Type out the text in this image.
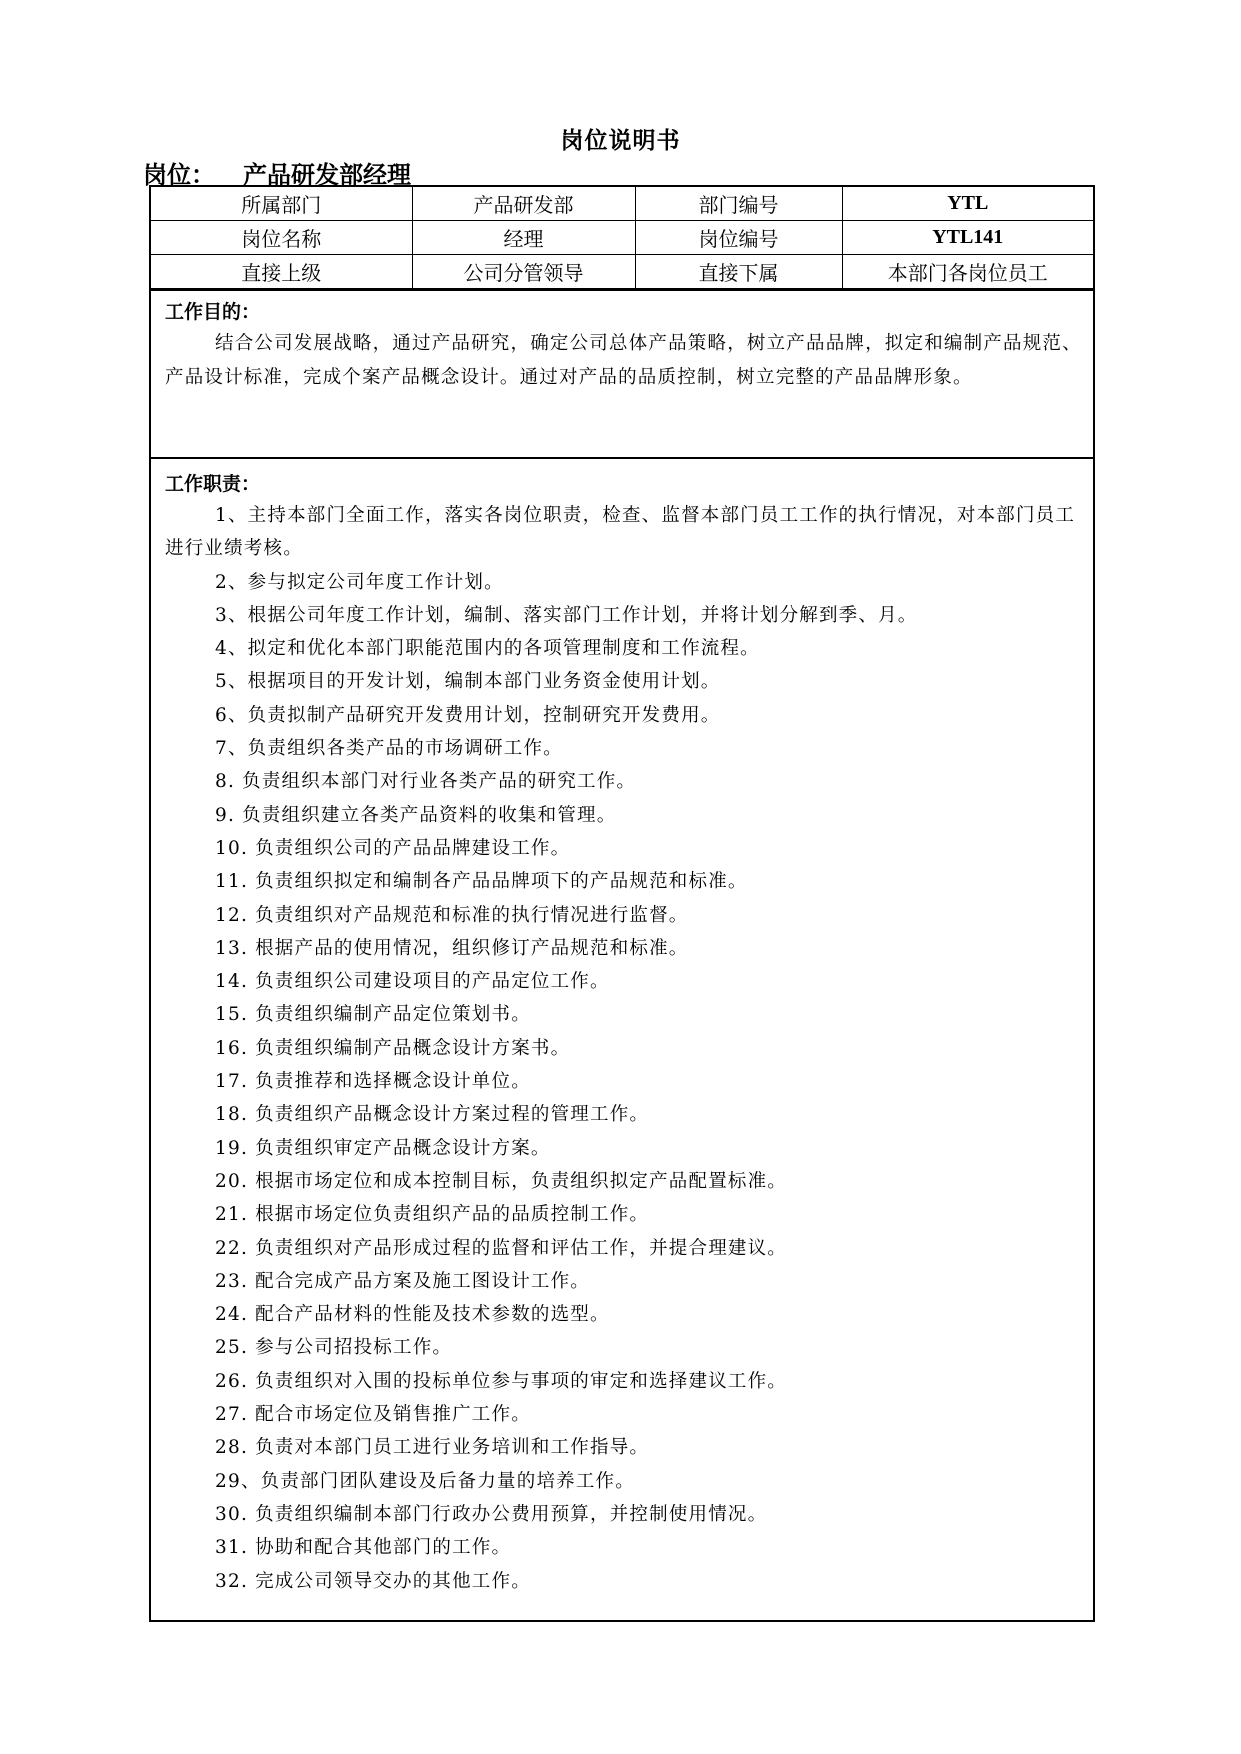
岗位说明书
岗位： 产品研发部经理
所属部门	产品研发部	部门编号	YTL
岗位名称	经理	岗位编号	YTL141
直接上级	公司分管领导	直接下属	本部门各岗位员工
工作目的：

结合公司发展战略，通过产品研究，确定公司总体产品策略，树立产品品牌，拟定和编制产品规范、产品设计标准，完成个案产品概念设计。通过对产品的品质控制，树立完整的产品品牌形象。

工作职责：
1、主持本部门全面工作，落实各岗位职责，检查、监督本部门员工工作的执行情况，对本部门员工进行业绩考核。
2、参与拟定公司年度工作计划。
3、根据公司年度工作计划，编制、落实部门工作计划，并将计划分解到季、月。
4、拟定和优化本部门职能范围内的各项管理制度和工作流程。
5、根据项目的开发计划，编制本部门业务资金使用计划。
6、负责拟制产品研究开发费用计划，控制研究开发费用。
7、负责组织各类产品的市场调研工作。
8. 负责组织本部门对行业各类产品的研究工作。
9. 负责组织建立各类产品资料的收集和管理。
10. 负责组织公司的产品品牌建设工作。
11. 负责组织拟定和编制各产品品牌项下的产品规范和标准。
12. 负责组织对产品规范和标准的执行情况进行监督。
13. 根据产品的使用情况，组织修订产品规范和标准。
14. 负责组织公司建设项目的产品定位工作。
15. 负责组织编制产品定位策划书。
16. 负责组织编制产品概念设计方案书。
17. 负责推荐和选择概念设计单位。
18. 负责组织产品概念设计方案过程的管理工作。
19. 负责组织审定产品概念设计方案。
20. 根据市场定位和成本控制目标，负责组织拟定产品配置标准。
21. 根据市场定位负责组织产品的品质控制工作。
22. 负责组织对产品形成过程的监督和评估工作，并提合理建议。
23. 配合完成产品方案及施工图设计工作。
24. 配合产品材料的性能及技术参数的选型。
25. 参与公司招投标工作。
26. 负责组织对入围的投标单位参与事项的审定和选择建议工作。
27. 配合市场定位及销售推广工作。
28. 负责对本部门员工进行业务培训和工作指导。
29、负责部门团队建设及后备力量的培养工作。
30. 负责组织编制本部门行政办公费用预算，并控制使用情况。
31. 协助和配合其他部门的工作。
32. 完成公司领导交办的其他工作。
